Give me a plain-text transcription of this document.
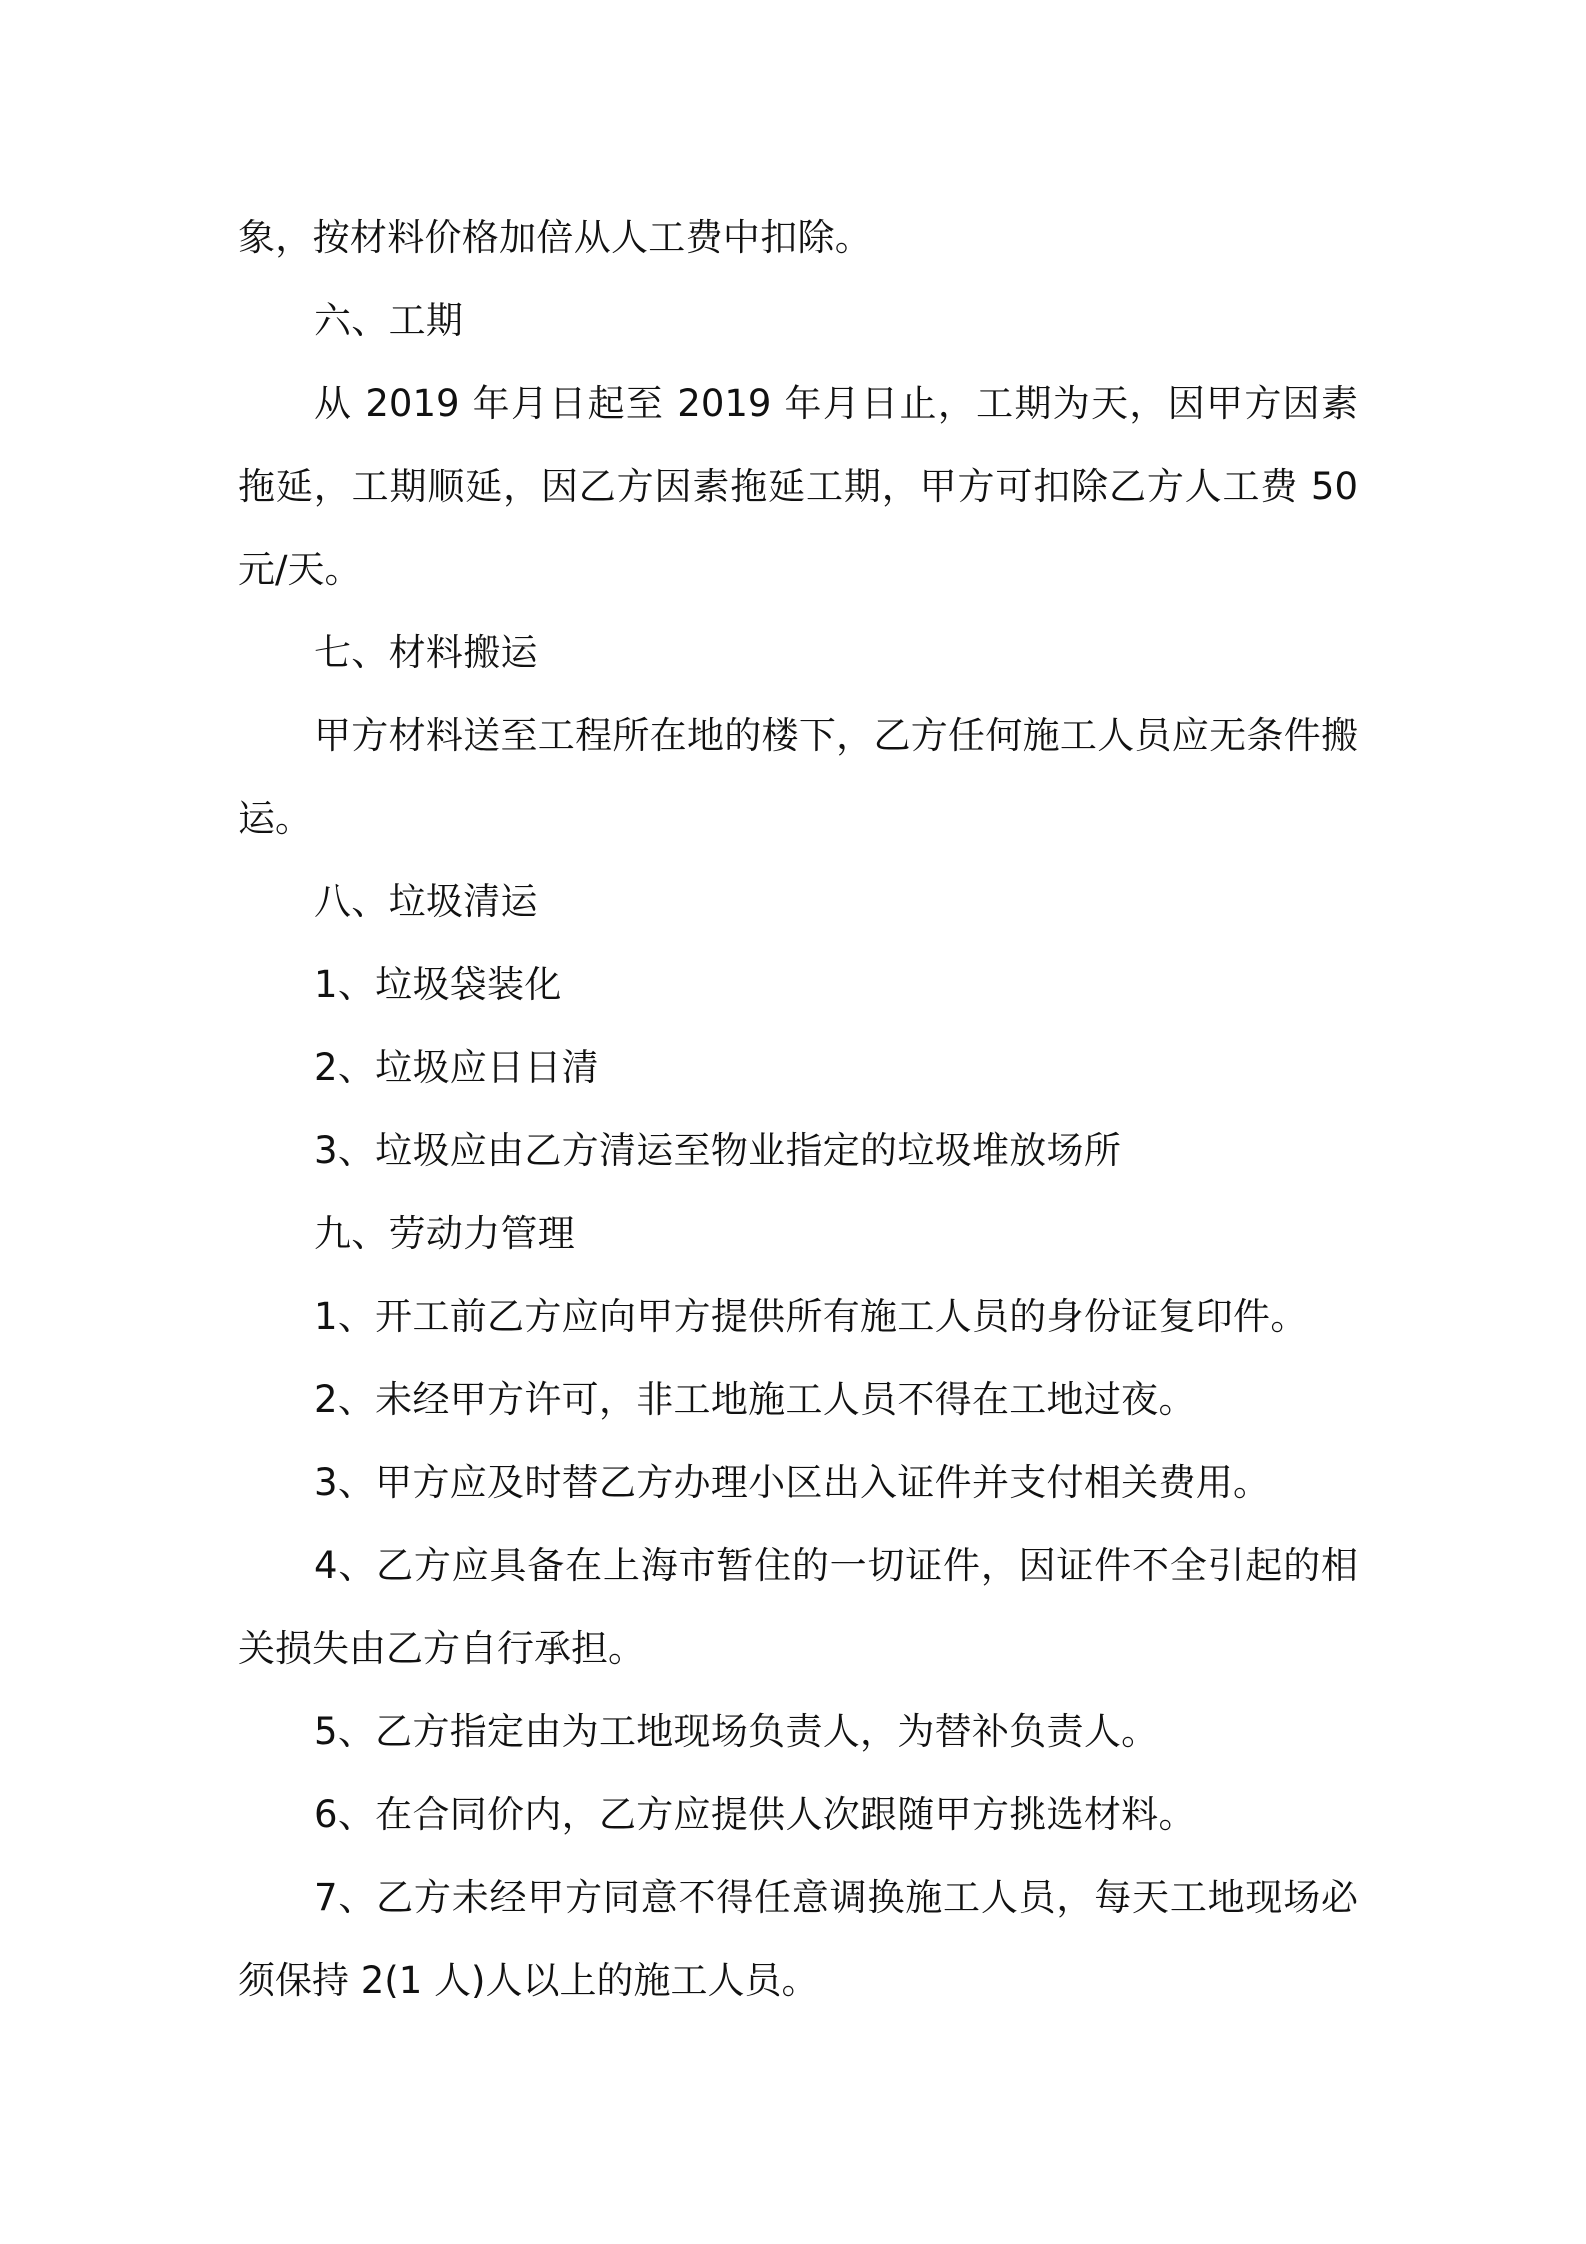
象，按材料价格加倍从人工费中扣除。
六、工期

从 2019 年月日起至 2019 年月日止，工期为天，因甲方因素拖延，工期顺延，因乙方因素拖延工期，甲方可扣除乙方人工费 50 元/天。

七、材料搬运

甲方材料送至工程所在地的楼下，乙方任何施工人员应无条件搬运。

八、垃圾清运
1、垃圾袋装化
2、垃圾应日日清
3、垃圾应由乙方清运至物业指定的垃圾堆放场所
九、劳动力管理
1、开工前乙方应向甲方提供所有施工人员的身份证复印件。
2、未经甲方许可，非工地施工人员不得在工地过夜。
3、甲方应及时替乙方办理小区出入证件并支付相关费用。

4、乙方应具备在上海市暂住的一切证件，因证件不全引起的相关损失由乙方自行承担。

5、乙方指定由为工地现场负责人，为替补负责人。
6、在合同价内，乙方应提供人次跟随甲方挑选材料。

7、乙方未经甲方同意不得任意调换施工人员，每天工地现场必须保持 2(1 人)人以上的施工人员。
